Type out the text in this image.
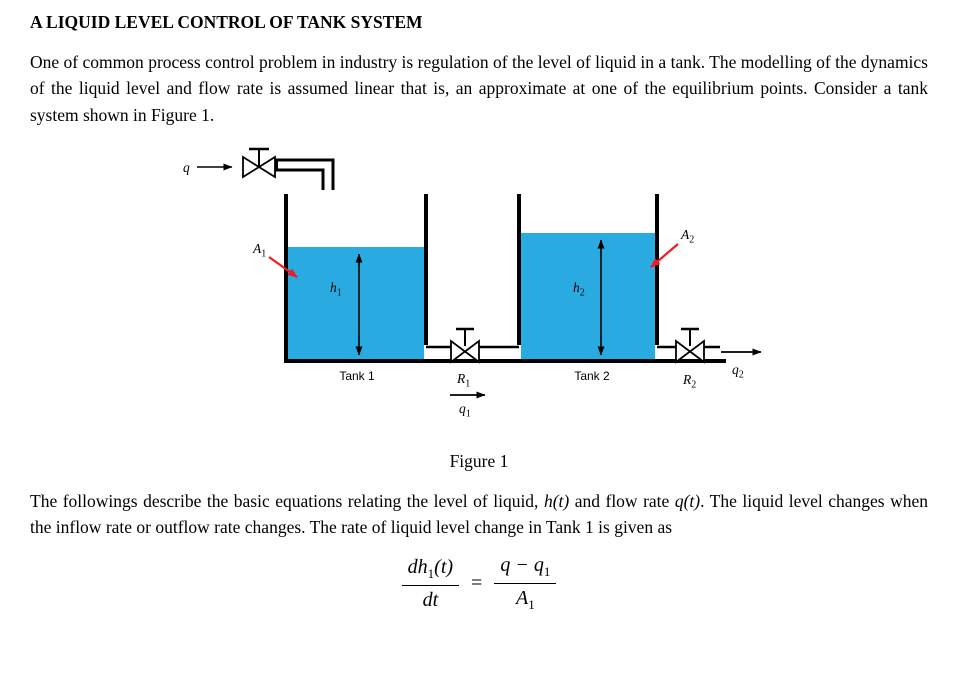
A LIQUID LEVEL CONTROL OF TANK SYSTEM

One of common process control problem in industry is regulation of the level of liquid in a tank. The modelling of the dynamics of the liquid level and flow rate is assumed linear that is, an approximate at one of the equilibrium points. Consider a tank system shown in Figure 1.

q
$A_1$
$h_1$
Tank 1	$R_1$
$q_1$
Tank 2
$h_2$
$A_2$
$R_2$
$q_2$
Figure 1

The followings describe the basic equations relating the level of liquid, h(t) and flow rate q(t). The liquid level changes when the inflow rate or outflow rate changes. The rate of liquid level change in Tank 1 is given as

$\frac{dh_1(t)}{dt} = \frac{q - q_1}{A_1}$
